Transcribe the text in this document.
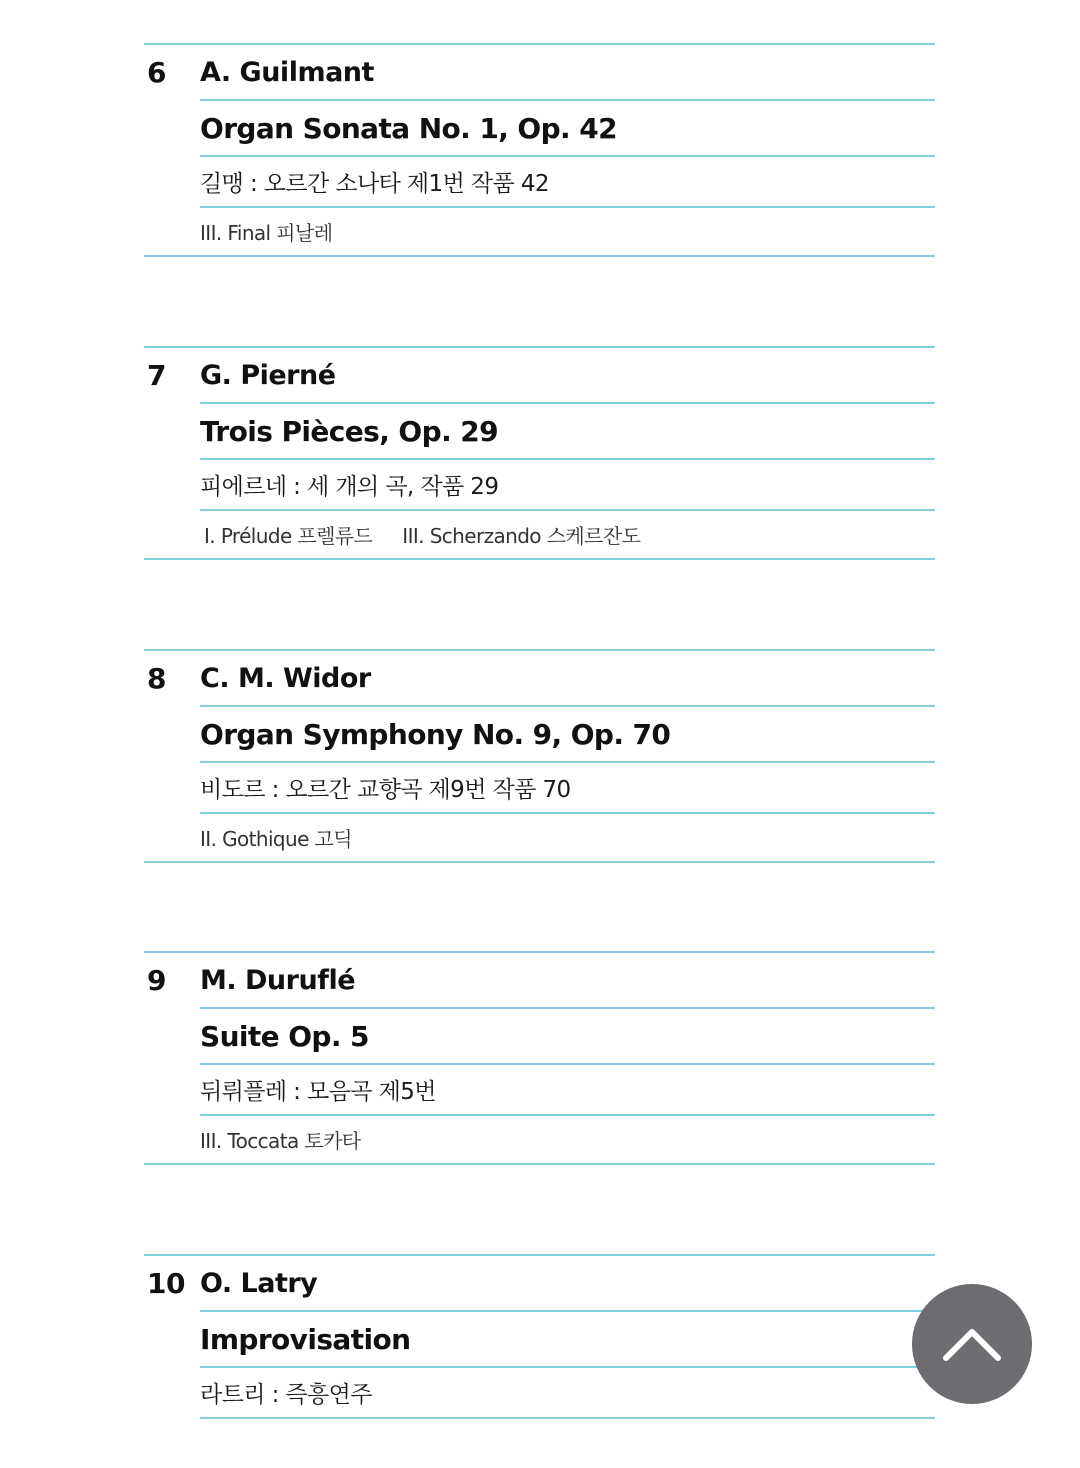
6 A. Guilmant
Organ Sonata No. 1, Op. 42
길맹 : 오르간 소나타 제1번 작품 42
III. Final 피날레
7 G. Pierné
Trois Pièces, Op. 29
피에르네 : 세 개의 곡, 작품 29
I. Prélude 프렐류드 III. Scherzando 스케르잔도
8 C. M. Widor
Organ Symphony No. 9, Op. 70
비도르 : 오르간 교향곡 제9번 작품 70
II. Gothique 고딕
9 M. Duruflé
Suite Op. 5
뒤뤼플레 : 모음곡 제5번
III. Toccata 토카타
10 O. Latry
Improvisation
라트리 : 즉흥연주
